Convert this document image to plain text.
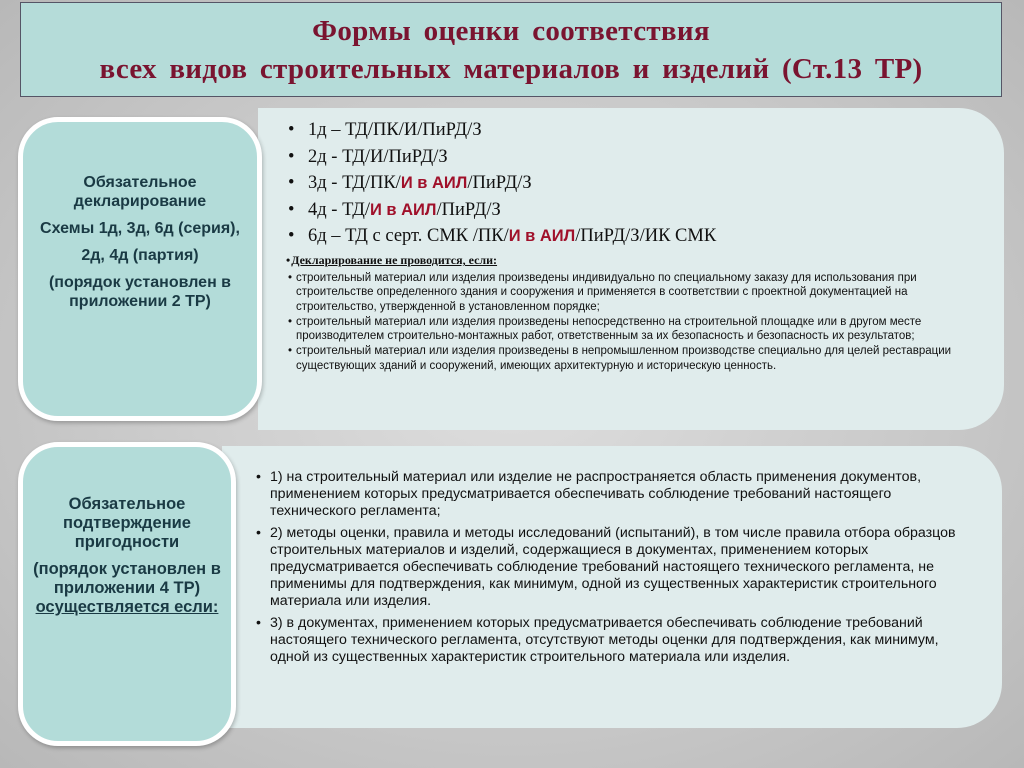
Формы оценки соответствия
всех видов строительных материалов и изделий (Ст.13 ТР)

Обязательное декларирование

Схемы 1д, 3д, 6д (серия),

2д, 4д (партия)

(порядок установлен в приложении 2 ТР)

• 1д – ТД/ПК/И/ПиРД/З
• 2д - ТД/И/ПиРД/З
• 3д - ТД/ПК/И в АИЛ/ПиРД/З
• 4д - ТД/И в АИЛ/ПиРД/З
• 6д – ТД с серт. СМК /ПК/И в АИЛ/ПиРД/З/ИК СМК
•Декларирование не проводится, если:
• строительный материал или изделия произведены индивидуально по специальному заказу для использования при строительстве определенного здания и сооружения и применяется в соответствии с проектной документацией на строительство, утвержденной в установленном порядке;
• строительный материал или изделия произведены непосредственно на строительной площадке или в другом месте производителем строительно-монтажных работ, ответственным за их безопасность и безопасность их результатов;
• строительный материал или изделия произведены в непромышленном производстве специально для целей реставрации существующих зданий и сооружений, имеющих архитектурную и историческую ценность.

Обязательное подтверждение пригодности

(порядок установлен в приложении 4 ТР)
осуществляется если:

• 1) на строительный материал или изделие не распространяется область применения документов, применением которых предусматривается обеспечивать соблюдение требований настоящего технического регламента;
• 2) методы оценки, правила и методы исследований (испытаний), в том числе правила отбора образцов строительных материалов и изделий, содержащиеся в документах, применением которых предусматривается обеспечивать соблюдение требований настоящего технического регламента, не применимы для подтверждения, как минимум, одной из существенных характеристик строительного материала или изделия.
• 3) в документах, применением которых предусматривается обеспечивать соблюдение требований настоящего технического регламента, отсутствуют методы оценки для подтверждения, как минимум, одной из существенных характеристик строительного материала или изделия.
